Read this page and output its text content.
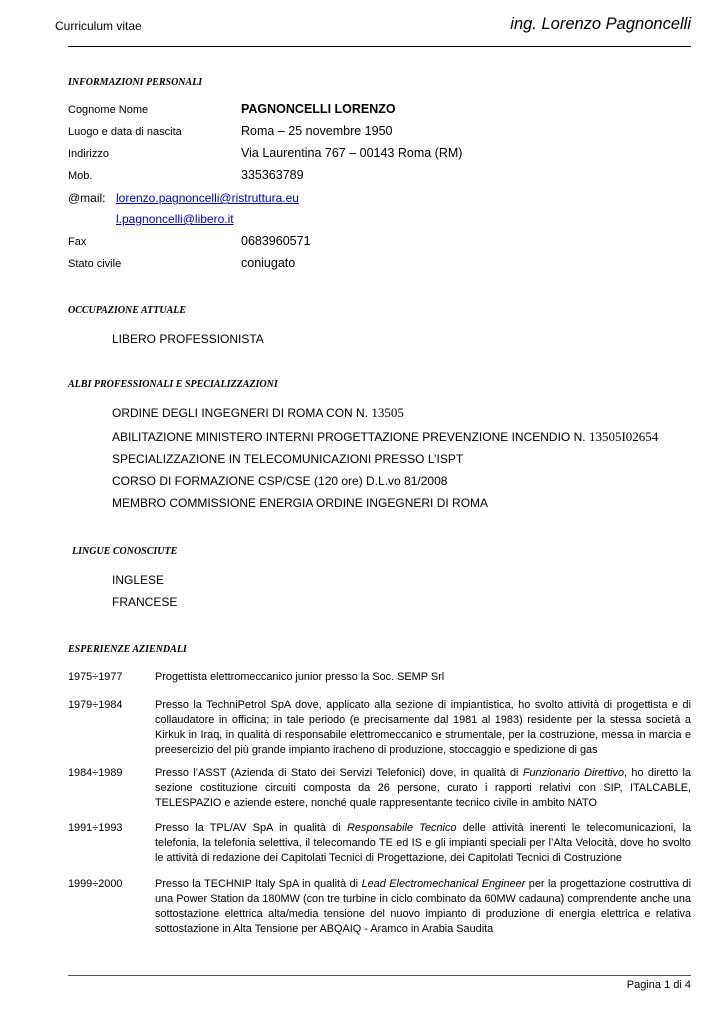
Curriculum vitae	ing. Lorenzo Pagnoncelli
INFORMAZIONI PERSONALI
Cognome Nome	PAGNONCELLI LORENZO
Luogo e data di nascita	Roma – 25 novembre 1950
Indirizzo	Via Laurentina 767 – 00143 Roma (RM)
Mob.	335363789
@mail: lorenzo.pagnoncelli@ristruttura.eu
l.pagnoncelli@libero.it
Fax	0683960571
Stato civile	coniugato
OCCUPAZIONE ATTUALE
LIBERO PROFESSIONISTA
ALBI PROFESSIONALI E SPECIALIZZAZIONI
ORDINE DEGLI INGEGNERI DI ROMA CON N. 13505
ABILITAZIONE MINISTERO INTERNI PROGETTAZIONE PREVENZIONE INCENDIO N. 13505I02654
SPECIALIZZAZIONE IN TELECOMUNICAZIONI PRESSO L’ISPT
CORSO DI FORMAZIONE CSP/CSE (120 ore) D.L.vo 81/2008
MEMBRO COMMISSIONE ENERGIA ORDINE INGEGNERI DI ROMA
LINGUE CONOSCIUTE
INGLESE
FRANCESE
ESPERIENZE AZIENDALI
1975÷1977	Progettista elettromeccanico junior presso la Soc. SEMP Srl
1979÷1984	Presso la TechniPetrol SpA dove, applicato alla sezione di impiantistica, ho svolto attività di progettista e di collaudatore in officina; in tale periodo (e precisamente dal 1981 al 1983) residente per la stessa società a Kirkuk in Iraq, in qualità di responsabile elettromeccanico e strumentale, per la costruzione, messa in marcia e preesercizio del più grande impianto iracheno di produzione, stoccaggio e spedizione di gas
1984÷1989	Presso l’ASST (Azienda di Stato dei Servizi Telefonici) dove, in qualità di Funzionario Direttivo, ho diretto la sezione costituzione circuiti composta da 26 persone, curato i rapporti relativi con SIP, ITALCABLE, TELESPAZIO e aziende estere, nonché quale rappresentante tecnico civile in ambito NATO
1991÷1993	Presso la TPL/AV SpA in qualità di Responsabile Tecnico delle attività inerenti le telecomunicazioni, la telefonia, la telefonia selettiva, il telecomando TE ed IS e gli impianti speciali per l’Alta Velocità, dove ho svolto le attività di redazione dei Capitolati Tecnici di Progettazione, dei Capitolati Tecnici di Costruzione
1999÷2000	Presso la TECHNIP Italy SpA in qualità di Lead Electromechanical Engineer per la progettazione costruttiva di una Power Station da 180MW (con tre turbine in ciclo combinato da 60MW cadauna) comprendente anche una sottostazione elettrica alta/media tensione del nuovo impianto di produzione di energia elettrica e relativa sottostazione in Alta Tensione per ABQAIQ - Aramco in Arabia Saudita
Pagina 1 di 4
